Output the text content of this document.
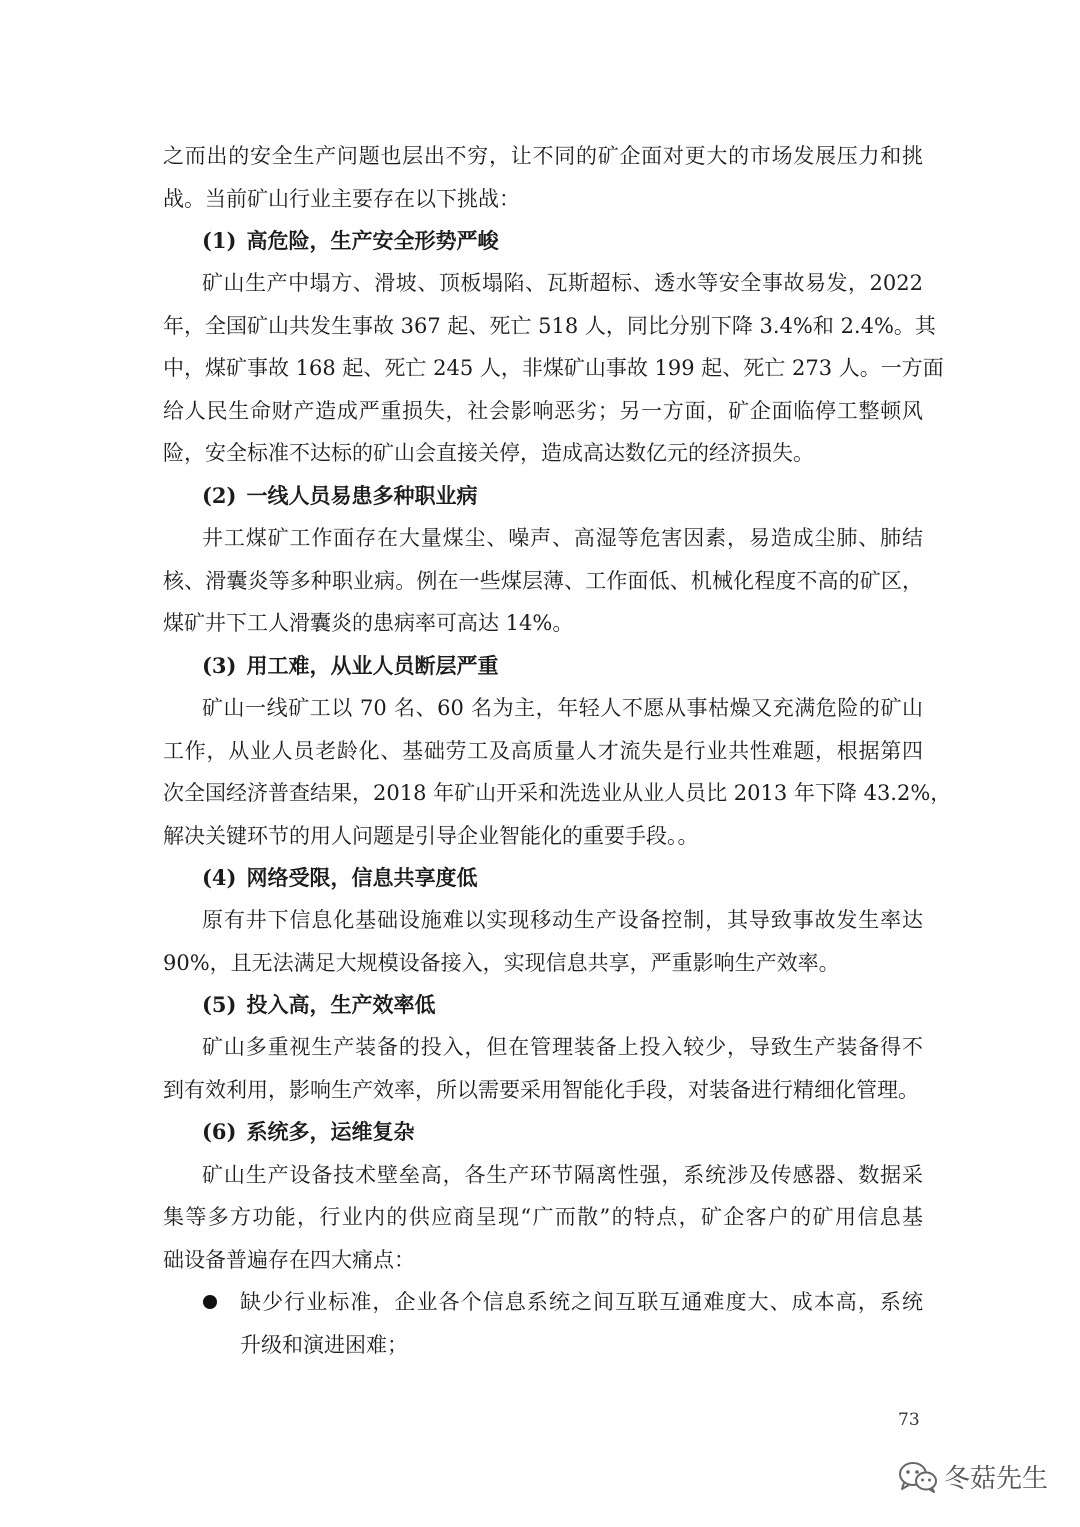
之而出的安全生产问题也层出不穷，让不同的矿企面对更大的市场发展压力和挑
战。当前矿山行业主要存在以下挑战：
(1) 高危险，生产安全形势严峻
矿山生产中塌方、滑坡、顶板塌陷、瓦斯超标、透水等安全事故易发，2022
年，全国矿山共发生事故 367 起、死亡 518 人，同比分别下降 3.4%和 2.4%。其
中，煤矿事故 168 起、死亡 245 人，非煤矿山事故 199 起、死亡 273 人。一方面
给人民生命财产造成严重损失，社会影响恶劣；另一方面，矿企面临停工整顿风
险，安全标准不达标的矿山会直接关停，造成高达数亿元的经济损失。
(2) 一线人员易患多种职业病
井工煤矿工作面存在大量煤尘、噪声、高湿等危害因素，易造成尘肺、肺结
核、滑囊炎等多种职业病。例在一些煤层薄、工作面低、机械化程度不高的矿区，
煤矿井下工人滑囊炎的患病率可高达 14%。
(3) 用工难，从业人员断层严重
矿山一线矿工以 70 名、60 名为主，年轻人不愿从事枯燥又充满危险的矿山
工作，从业人员老龄化、基础劳工及高质量人才流失是行业共性难题，根据第四
次全国经济普查结果，2018 年矿山开采和洗选业从业人员比 2013 年下降 43.2%，
解决关键环节的用人问题是引导企业智能化的重要手段。。
(4) 网络受限，信息共享度低
原有井下信息化基础设施难以实现移动生产设备控制，其导致事故发生率达
90%，且无法满足大规模设备接入，实现信息共享，严重影响生产效率。
(5) 投入高，生产效率低
矿山多重视生产装备的投入，但在管理装备上投入较少，导致生产装备得不
到有效利用，影响生产效率，所以需要采用智能化手段，对装备进行精细化管理。
(6) 系统多，运维复杂
矿山生产设备技术壁垒高，各生产环节隔离性强，系统涉及传感器、数据采
集等多方功能，行业内的供应商呈现“广而散”的特点，矿企客户的矿用信息基
础设备普遍存在四大痛点：
缺少行业标准，企业各个信息系统之间互联互通难度大、成本高，系统
升级和演进困难；
73
冬菇先生
